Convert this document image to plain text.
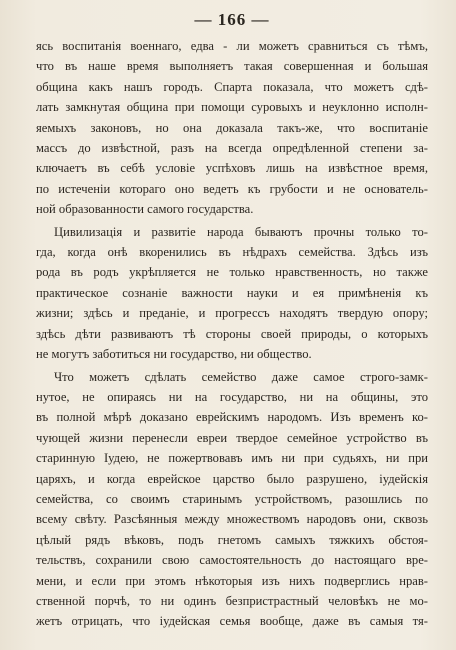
— 166 —

ясь воспитанія военнаго, едва - ли можетъ сравниться съ тѣмъ,
что въ наше время выполняетъ такая совершенная и большая
община какъ нашъ городъ. Спарта показала, что можетъ сдѣ-
лать замкнутая община при помощи суровыхъ и неуклонно исполн-
яемыхъ законовъ, но она доказала такъ-же, что воспитаніе
массъ до извѣстной, разъ на всегда опредѣленной степени за-
ключаетъ въ себѣ условіе успѣховъ лишь на извѣстное время,
по истеченіи котораго оно ведетъ къ грубости и не основатель-
ной образованности самого государства.

Цивилизація и развитіе народа бываютъ прочны только то-
гда, когда онѣ вкоренились въ нѣдрахъ семейства. Здѣсь изъ
рода въ родъ укрѣпляется не только нравственность, но также
практическое сознаніе важности науки и ея примѣненія къ
жизни; здѣсь и преданіе, и прогрессъ находятъ твердую опору;
здѣсь дѣти развиваютъ тѣ стороны своей природы, о которыхъ
не могутъ заботиться ни государство, ни общество.

Что можетъ сдѣлать семейство даже самое строго-замк-
нутое, не опираясь ни на государство, ни на общины, это
въ полной мѣрѣ доказано еврейскимъ народомъ. Изъ временъ ко-
чующей жизни перенесли евреи твердое семейное устройство въ
старинную Іудею, не пожертвовавъ имъ ни при судьяхъ, ни при
царяхъ, и когда еврейское царство было разрушено, іудейскія
семейства, со своимъ старинымъ устройствомъ, разошлись по
всему свѣту. Разсѣянныя между множествомъ народовъ они, сквозь
цѣлый рядъ вѣковъ, подъ гнетомъ самыхъ тяжкихъ обстоя-
тельствъ, сохранили свою самостоятельность до настоящаго вре-
мени, и если при этомъ нѣкоторыя изъ нихъ подверглись нрав-
ственной порчѣ, то ни одинъ безпристрастный человѣкъ не мо-
жетъ отрицать, что іудейская семья вообще, даже въ самыя тя-
